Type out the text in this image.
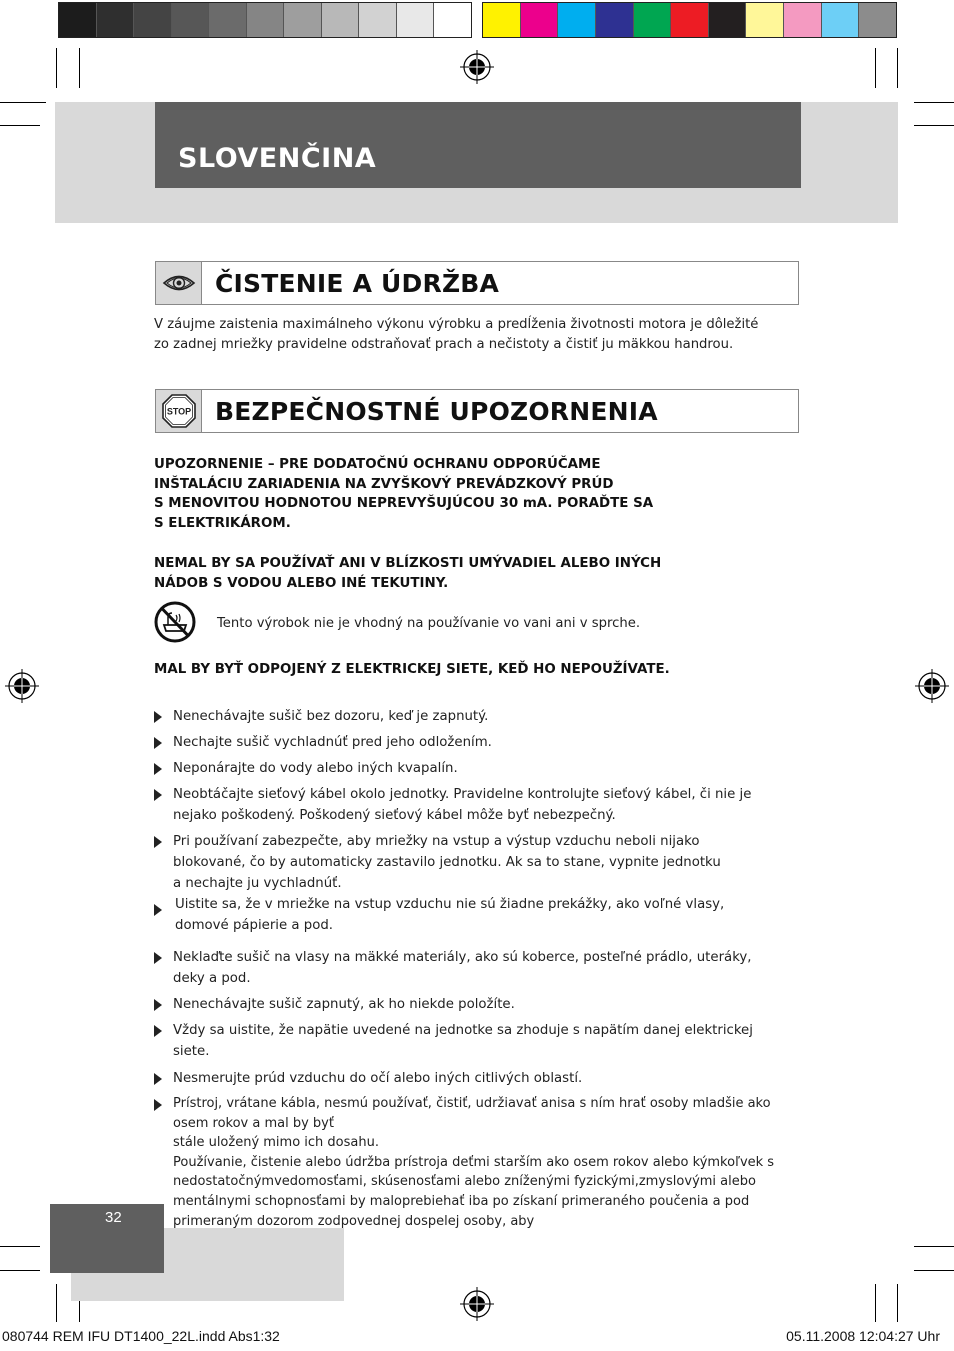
SLOVENČINA
ČISTENIE A ÚDRŽBA
V záujme zaistenia maximálneho výkonu výrobku a predĺženia životnosti motora je dôležité
zo zadnej mriežky pravidelne odstraňovať prach a nečistoty a čistiť ju mäkkou handrou.
STOP BEZPEČNOSTNÉ UPOZORNENIA
UPOZORNENIE – PRE DODATOČNÚ OCHRANU ODPORÚČAME
INŠTALÁCIU ZARIADENIA NA ZVYŠKOVÝ PREVÁDZKOVÝ PRÚD
S MENOVITOU HODNOTOU NEPREVYŠUJÚCOU 30 mA. PORAĎTE SA
S ELEKTRIKÁROM.
NEMAL BY SA POUŽÍVAŤ ANI V BLÍZKOSTI UMÝVADIEL ALEBO INÝCH
NÁDOB S VODOU ALEBO INÉ TEKUTINY.
Tento výrobok nie je vhodný na používanie vo vani ani v sprche.
MAL BY BYŤ ODPOJENÝ Z ELEKTRICKEJ SIETE, KEĎ HO NEPOUŽÍVATE.
Nenechávajte sušič bez dozoru, keď je zapnutý.
Nechajte sušič vychladnúť pred jeho odložením.
Neponárajte do vody alebo iných kvapalín.
Neobtáčajte sieťový kábel okolo jednotky. Pravidelne kontrolujte sieťový kábel, či nie je
nejako poškodený. Poškodený sieťový kábel môže byť nebezpečný.
Pri používaní zabezpečte, aby mriežky na vstup a výstup vzduchu neboli nijako
blokované, čo by automaticky zastavilo jednotku. Ak sa to stane, vypnite jednotku
a nechajte ju vychladnúť.
Uistite sa, že v mriežke na vstup vzduchu nie sú žiadne prekážky, ako voľné vlasy,
domové pápierie a pod.
Neklaďte sušič na vlasy na mäkké materiály, ako sú koberce, posteľné prádlo, uteráky,
deky a pod.
Nenechávajte sušič zapnutý, ak ho niekde položíte.
Vždy sa uistite, že napätie uvedené na jednotke sa zhoduje s napätím danej elektrickej
siete.
Nesmerujte prúd vzduchu do očí alebo iných citlivých oblastí.
32
Prístroj, vrátane kábla, nesmú používať, čistiť, udržiavať anisa s ním hrať osoby mladšie ako
osem rokov a mal by byť
stále uložený mimo ich dosahu.
Používanie, čistenie alebo údržba prístroja deťmi starším ako osem rokov alebo kýmkoľvek s
nedostatočnýmvedomosťami, skúsenosťami alebo zníženými fyzickými,zmyslovými alebo
mentálnymi schopnosťami by maloprebiehať iba po získaní primeraného poučenia a pod
primeraným dozorom zodpovednej dospelej osoby, aby
080744 REM IFU DT1400_22L.indd Abs1:32	05.11.2008 12:04:27 Uhr
